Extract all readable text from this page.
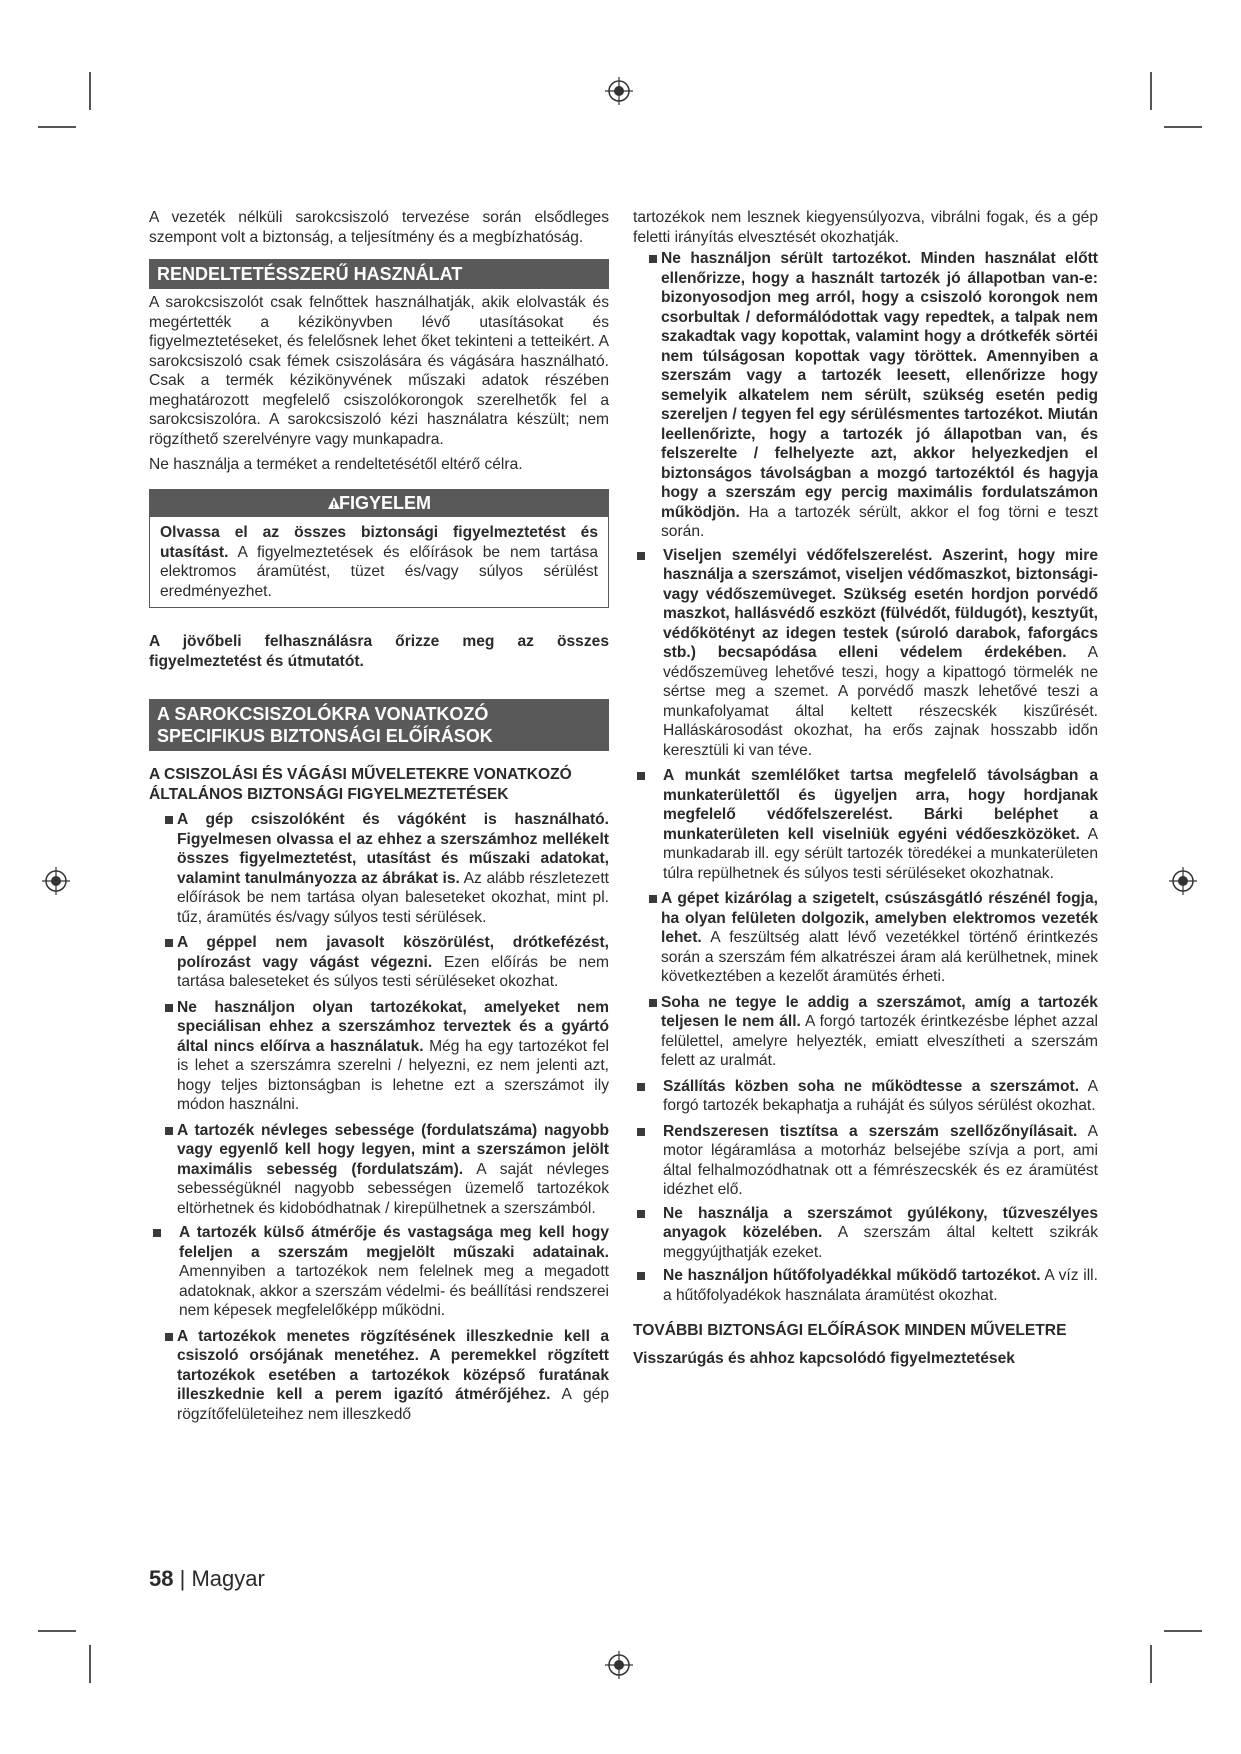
A vezeték nélküli sarokcsiszoló tervezése során elsődleges szempont volt a biztonság, a teljesítmény és a megbízhatóság.

RENDELTETÉSSZERŰ HASZNÁLAT

A sarokcsiszolót csak felnőttek használhatják, akik elolvasták és megértették a kézikönyvben lévő utasításokat és figyelmeztetéseket, és felelősnek lehet őket tekinteni a tetteikért. A sarokcsiszoló csak fémek csiszolására és vágására használható. Csak a termék kézikönyvének műszaki adatok részében meghatározott megfelelő csiszolókorongok szerelhetők fel a sarokcsiszolóra. A sarokcsiszoló kézi használatra készült; nem rögzíthető szerelvényre vagy munkapadra.

Ne használja a terméket a rendeltetésétől eltérő célra.

FIGYELEM
Olvassa el az összes biztonsági figyelmeztetést és utasítást. A figyelmeztetések és előírások be nem tartása elektromos áramütést, tüzet és/vagy súlyos sérülést eredményezhet.

A jövőbeli felhasználásra őrizze meg az összes figyelmeztetést és útmutatót.

A SAROKCSISZOLÓKRA VONATKOZÓ SPECIFIKUS BIZTONSÁGI ELŐÍRÁSOK
A CSISZOLÁSI ÉS VÁGÁSI MŰVELETEKRE VONATKOZÓ ÁLTALÁNOS BIZTONSÁGI FIGYELMEZTETÉSEK
A gép csiszolóként és vágóként is használható. Figyelmesen olvassa el az ehhez a szerszámhoz mellékelt összes figyelmeztetést, utasítást és műszaki adatokat, valamint tanulmányozza az ábrákat is. Az alább részletezett előírások be nem tartása olyan baleseteket okozhat, mint pl. tűz, áramütés és/vagy súlyos testi sérülések.
A géppel nem javasolt köszörülést, drótkefézést, polírozást vagy vágást végezni. Ezen előírás be nem tartása baleseteket és súlyos testi sérüléseket okozhat.
Ne használjon olyan tartozékokat, amelyeket nem speciálisan ehhez a szerszámhoz terveztek és a gyártó által nincs előírva a használatuk. Még ha egy tartozékot fel is lehet a szerszámra szerelni / helyezni, ez nem jelenti azt, hogy teljes biztonságban is lehetne ezt a szerszámot ily módon használni.
A tartozék névleges sebessége (fordulatszáma) nagyobb vagy egyenlő kell hogy legyen, mint a szerszámon jelölt maximális sebesség (fordulatszám). A saját névleges sebességüknél nagyobb sebességen üzemelő tartozékok eltörhetnek és kidobódhatnak / kirepülhetnek a szerszámból.
A tartozék külső átmérője és vastagsága meg kell hogy feleljen a szerszám megjelölt műszaki adatainak. Amennyiben a tartozékok nem felelnek meg a megadott adatoknak, akkor a szerszám védelmi- és beállítási rendszerei nem képesek megfelelőképp működni.
A tartozékok menetes rögzítésének illeszkednie kell a csiszoló orsójának menetéhez. A peremekkel rögzített tartozékok esetében a tartozékok középső furatának illeszkednie kell a perem igazító átmérőjéhez. A gép rögzítőfelületeihez nem illeszkedő

tartozékok nem lesznek kiegyensúlyozva, vibrálni fogak, és a gép feletti irányítás elvesztését okozhatják.

Ne használjon sérült tartozékot. Minden használat előtt ellenőrizze, hogy a használt tartozék jó állapotban van-e: bizonyosodjon meg arról, hogy a csiszoló korongok nem csorbultak / deformálódottak vagy repedtek, a talpak nem szakadtak vagy kopottak, valamint hogy a drótkefék sörtéi nem túlságosan kopottak vagy töröttek. Amennyiben a szerszám vagy a tartozék leesett, ellenőrizze hogy semelyik alkatelem nem sérült, szükség esetén pedig szereljen / tegyen fel egy sérülésmentes tartozékot. Miután leellenőrizte, hogy a tartozék jó állapotban van, és felszerelte / felhelyezte azt, akkor helyezkedjen el biztonságos távolságban a mozgó tartozéktól és hagyja hogy a szerszám egy percig maximális fordulatszámon működjön. Ha a tartozék sérült, akkor el fog törni e teszt során.
Viseljen személyi védőfelszerelést. Aszerint, hogy mire használja a szerszámot, viseljen védőmaszkot, biztonsági- vagy védőszemüveget. Szükség esetén hordjon porvédő maszkot, hallásvédő eszközt (fülvédőt, füldugót), kesztyűt, védőkötényt az idegen testek (súroló darabok, faforgács stb.) becsapódása elleni védelem érdekében. A védőszemüveg lehetővé teszi, hogy a kipattogó törmelék ne sértse meg a szemet. A porvédő maszk lehetővé teszi a munkafolyamat által keltett részecskék kiszűrését. Halláskárosodást okozhat, ha erős zajnak hosszabb időn keresztüli ki van téve.
A munkát szemlélőket tartsa megfelelő távolságban a munkaterülettől és ügyeljen arra, hogy hordjanak megfelelő védőfelszerelést. Bárki beléphet a munkaterületen kell viselniük egyéni védőeszközöket. A munkadarab ill. egy sérült tartozék töredékei a munkaterületen túlra repülhetnek és súlyos testi sérüléseket okozhatnak.
A gépet kizárólag a szigetelt, csúszásgátló részénél fogja, ha olyan felületen dolgozik, amelyben elektromos vezeték lehet. A feszültség alatt lévő vezetékkel történő érintkezés során a szerszám fém alkatrészei áram alá kerülhetnek, minek következtében a kezelőt áramütés érheti.
Soha ne tegye le addig a szerszámot, amíg a tartozék teljesen le nem áll. A forgó tartozék érintkezésbe léphet azzal felülettel, amelyre helyezték, emiatt elveszítheti a szerszám felett az uralmát.
Szállítás közben soha ne működtesse a szerszámot. A forgó tartozék bekaphatja a ruháját és súlyos sérülést okozhat.
Rendszeresen tisztítsa a szerszám szellőzőnyílásait. A motor légáramlása a motorház belsejébe szívja a port, ami által felhalmozódhatnak ott a fémrészecskék és ez áramütést idézhet elő.
Ne használja a szerszámot gyúlékony, tűzveszélyes anyagok közelében. A szerszám által keltett szikrák meggyújthatják ezeket.
Ne használjon hűtőfolyadékkal működő tartozékot. A víz ill. a hűtőfolyadékok használata áramütést okozhat.
TOVÁBBI BIZTONSÁGI ELŐÍRÁSOK MINDEN MŰVELETRE
Visszarúgás és ahhoz kapcsolódó figyelmeztetések
58 | Magyar
